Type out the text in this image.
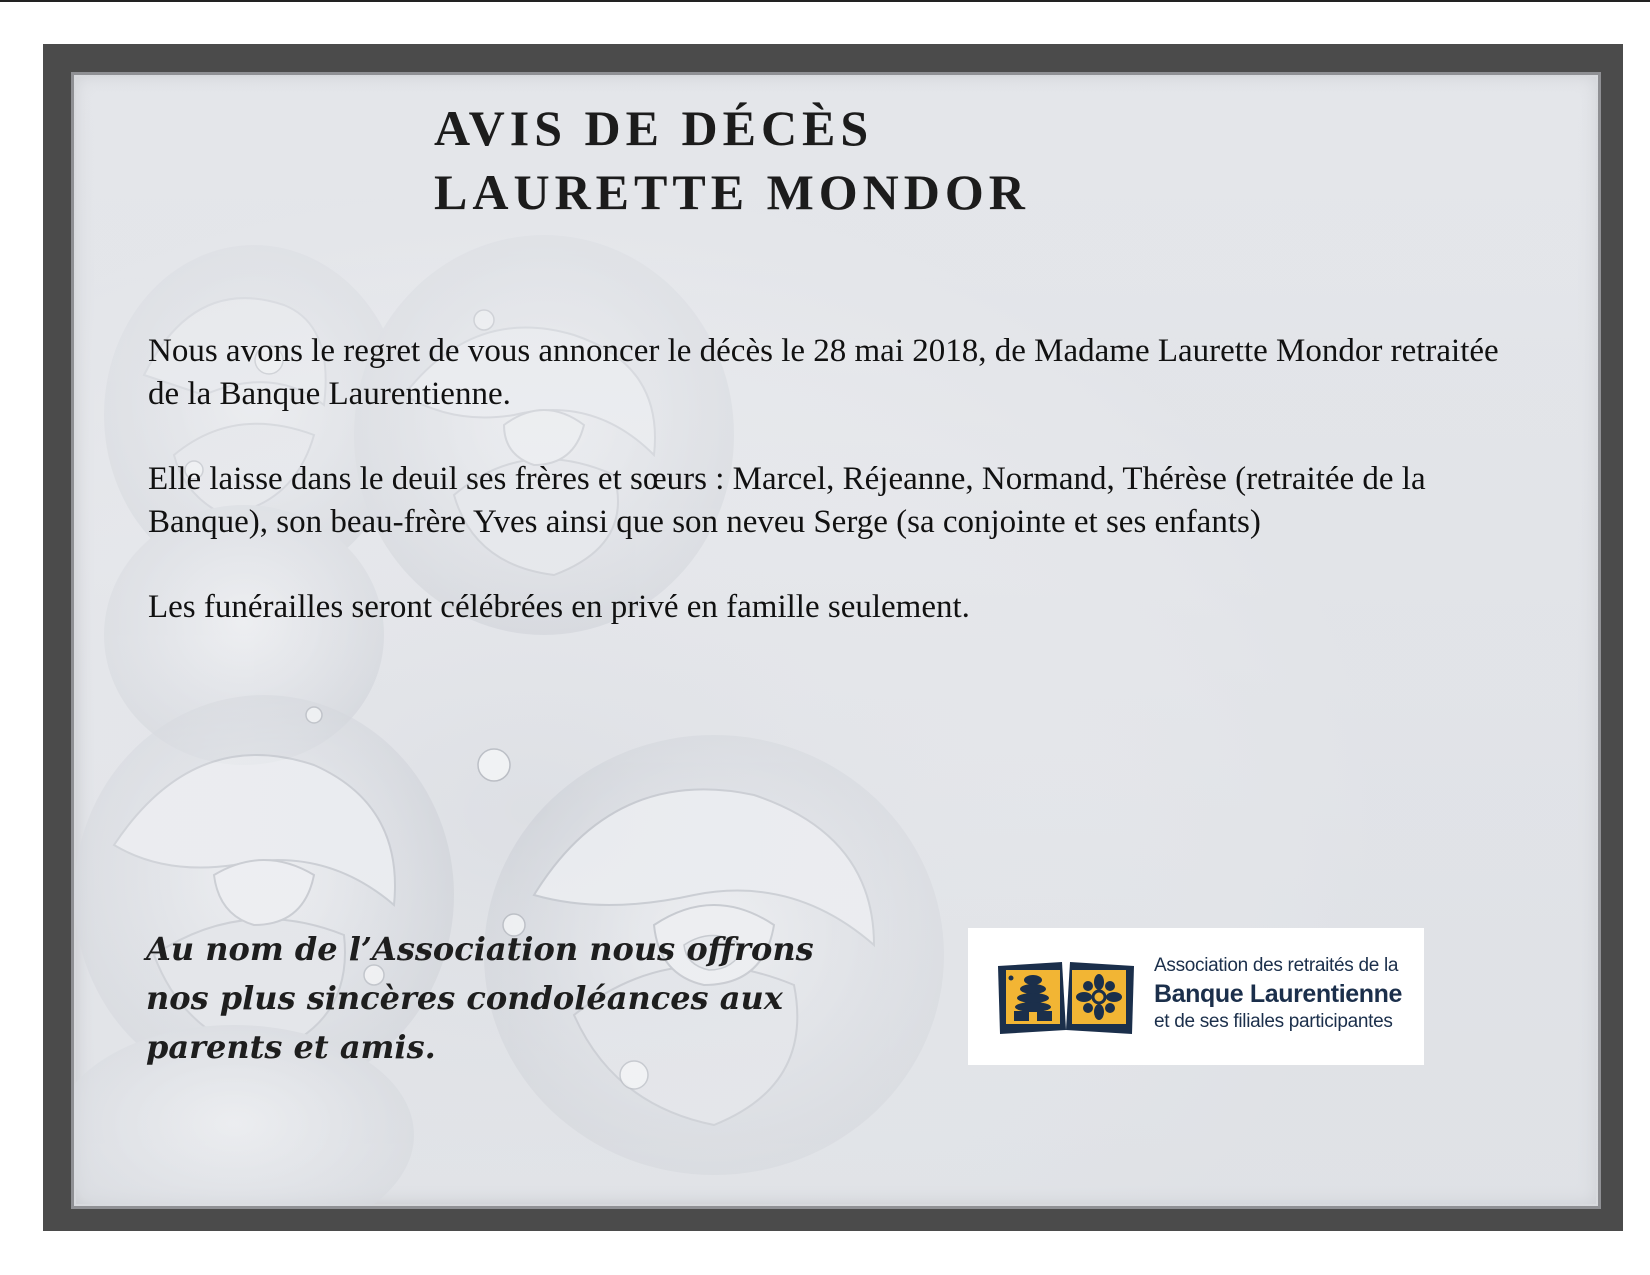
AVIS DE DÉCÈS
LAURETTE MONDOR

Nous avons le regret de vous annoncer le décès le 28 mai 2018, de Madame Laurette Mondor retraitée de la Banque Laurentienne.

Elle laisse dans le deuil ses frères et sœurs : Marcel, Réjeanne, Normand, Thérèse (retraitée de la Banque), son beau-frère Yves ainsi que son neveu Serge (sa conjointe et ses enfants)

Les funérailles seront célébrées en privé en famille seulement.

Au nom de l’Association nous offrons
nos plus sincères condoléances aux
parents et amis.
Association des retraités de la
Banque Laurentienne
et de ses filiales participantes
